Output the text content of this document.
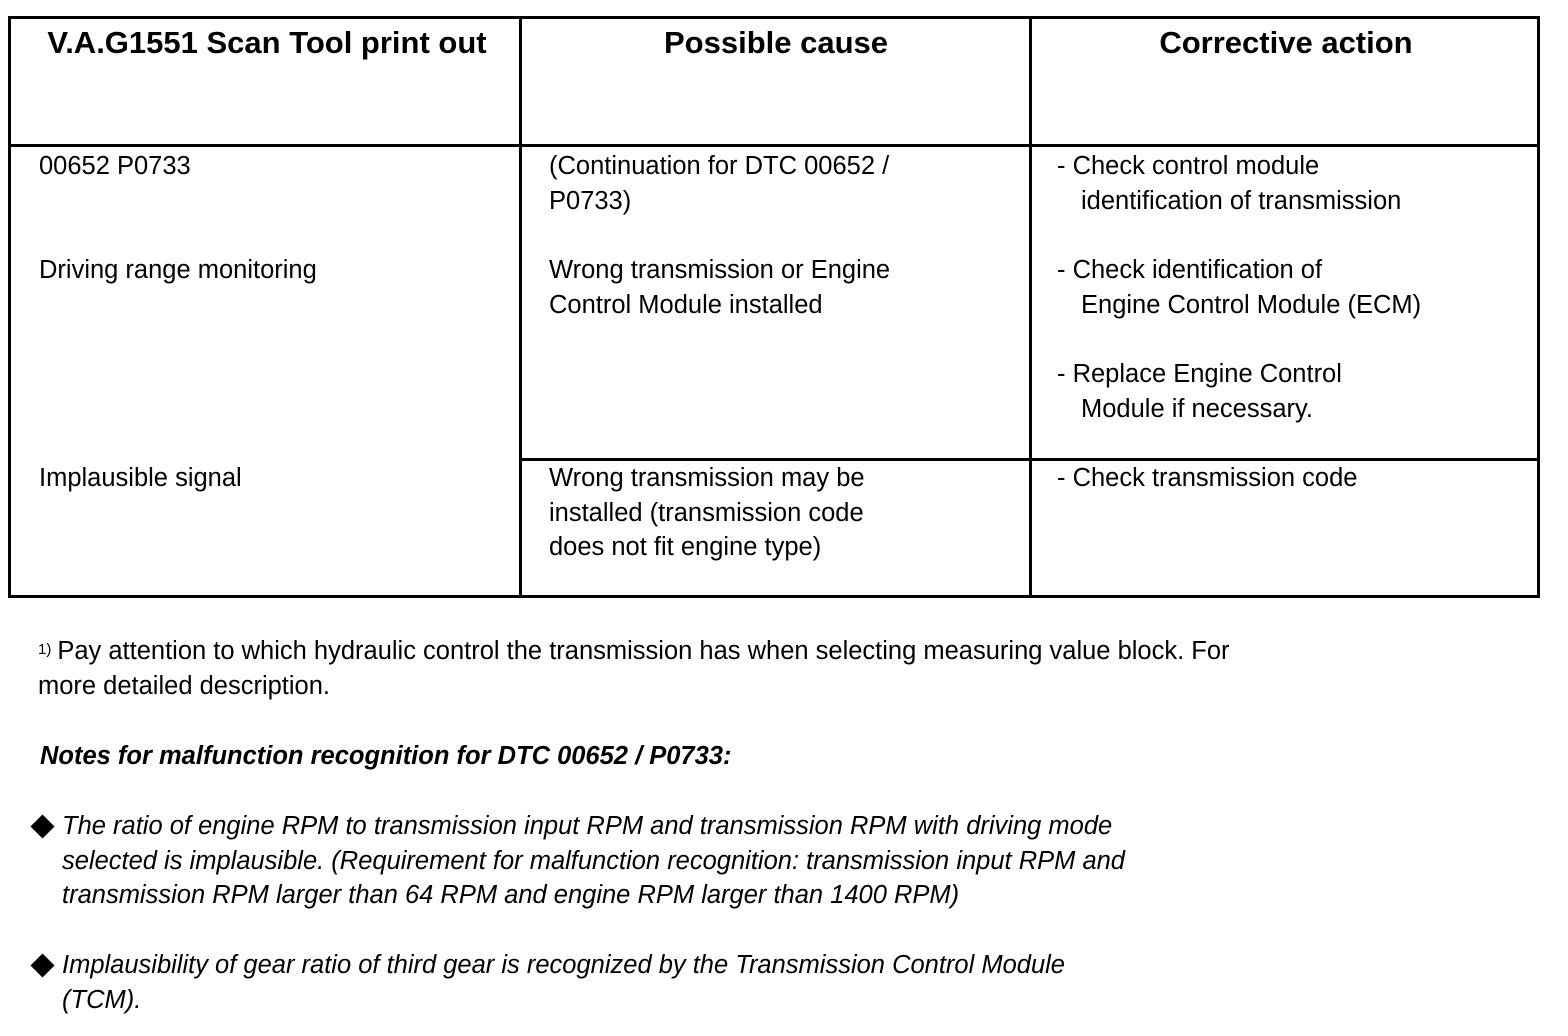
V.A.G1551 Scan Tool print out	Possible cause	Corrective action
00652 P0733
Driving range monitoring
Implausible signal
(Continuation for DTC 00652 /
P0733)
Wrong transmission or Engine
Control Module installed
Wrong transmission may be
installed (transmission code
does not fit engine type)
- Check control module
identification of transmission
- Check identification of
Engine Control Module (ECM)
- Replace Engine Control
Module if necessary.
- Check transmission code
$^{1)}$ Pay attention to which hydraulic control the transmission has when selecting measuring value block. For more detailed description.
Notes for malfunction recognition for DTC 00652 / P0733:
The ratio of engine RPM to transmission input RPM and transmission RPM with driving mode
selected is implausible. (Requirement for malfunction recognition: transmission input RPM and
transmission RPM larger than 64 RPM and engine RPM larger than 1400 RPM)
Implausibility of gear ratio of third gear is recognized by the Transmission Control Module
(TCM).
